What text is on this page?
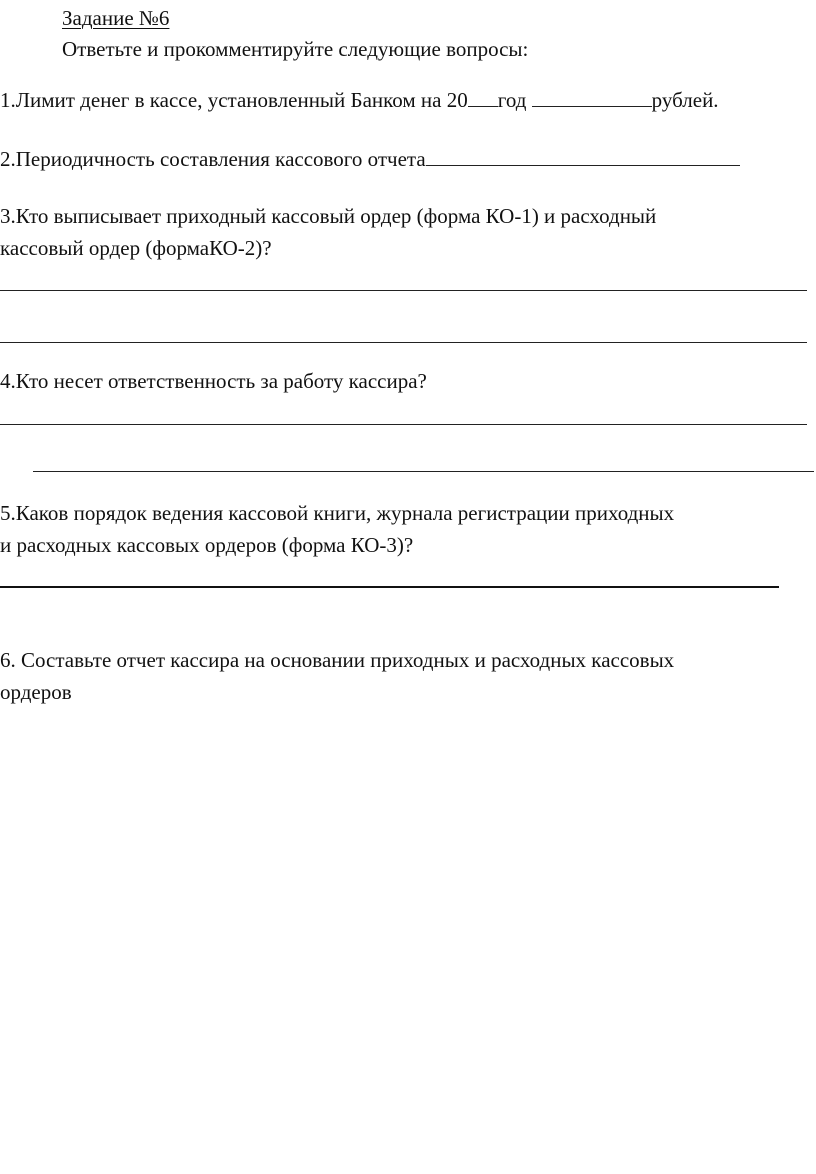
Задание №6
Ответьте и прокомментируйте следующие вопросы:
1.Лимит денег в кассе, установленный Банком на 20 год	рублей.
2.Периодичность составления кассового отчета
3.Кто выписывает приходный кассовый ордер (форма КО-1) и расходный
кассовый ордер (формаКО-2)?
4.Кто несет ответственность за работу кассира?
5.Каков порядок ведения кассовой книги, журнала регистрации приходных
и расходных кассовых ордеров (форма КО-3)?
6. Составьте отчет кассира на основании приходных и расходных кассовых
ордеров
